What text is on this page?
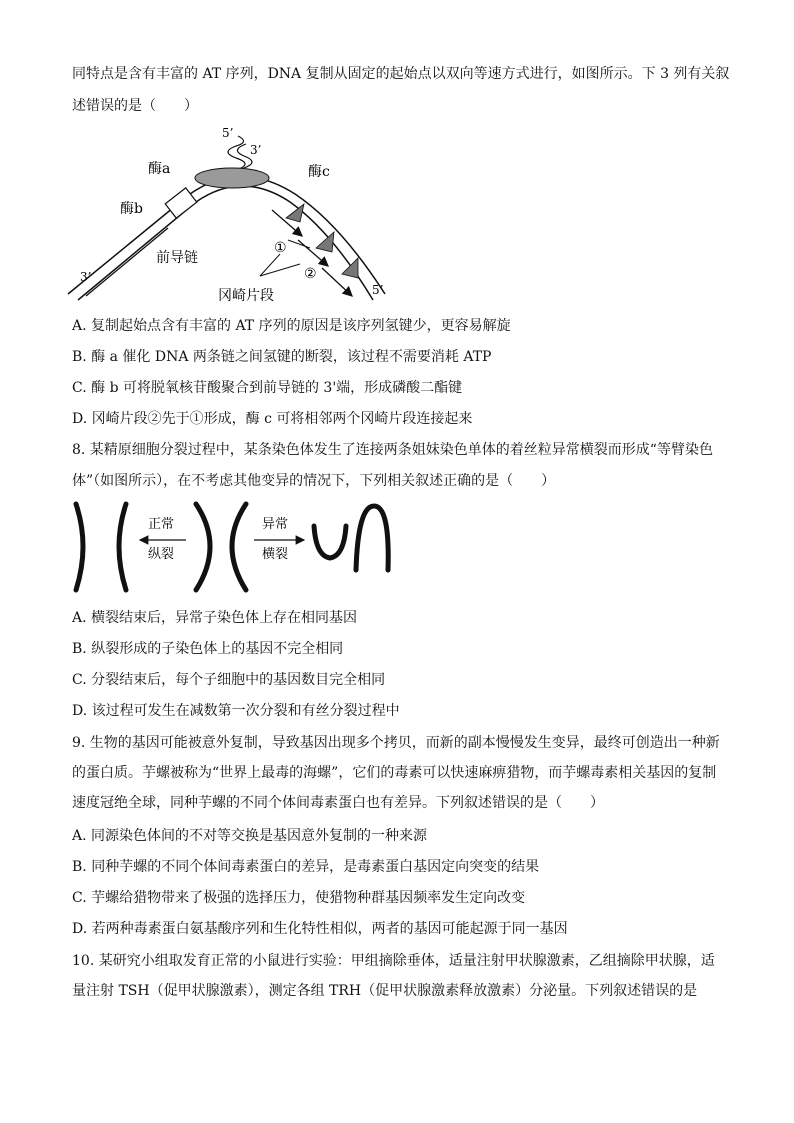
同特点是含有丰富的 AT 序列，DNA 复制从固定的起始点以双向等速方式进行，如图所示。下 3 列有关叙
述错误的是（　　）
5’
3’
酶a	酶c
酶b
前导链
3’
①
②
冈崎片段	5’
A. 复制起始点含有丰富的 AT 序列的原因是该序列氢键少，更容易解旋
B. 酶 a 催化 DNA 两条链之间氢键的断裂，该过程不需要消耗 ATP
C. 酶 b 可将脱氧核苷酸聚合到前导链的 3'端，形成磷酸二酯键
D. 冈崎片段②先于①形成，酶 c 可将相邻两个冈崎片段连接起来
8. 某精原细胞分裂过程中，某条染色体发生了连接两条姐妹染色单体的着丝粒异常横裂而形成“等臂染色
体”（如图所示），在不考虑其他变异的情况下，下列相关叙述正确的是（　　）
正常
纵裂
异常
横裂
A. 横裂结束后，异常子染色体上存在相同基因
B. 纵裂形成的子染色体上的基因不完全相同
C. 分裂结束后，每个子细胞中的基因数目完全相同
D. 该过程可发生在减数第一次分裂和有丝分裂过程中
9. 生物的基因可能被意外复制，导致基因出现多个拷贝，而新的副本慢慢发生变异，最终可创造出一种新的蛋白质。芋螺被称为“世界上最毒的海螺”，它们的毒素可以快速麻痹猎物，而芋螺毒素相关基因的复制速度冠绝全球，同种芋螺的不同个体间毒素蛋白也有差异。下列叙述错误的是（　　）
A. 同源染色体间的不对等交换是基因意外复制的一种来源
B. 同种芋螺的不同个体间毒素蛋白的差异，是毒素蛋白基因定向突变的结果
C. 芋螺给猎物带来了极强的选择压力，使猎物种群基因频率发生定向改变
D. 若两种毒素蛋白氨基酸序列和生化特性相似，两者的基因可能起源于同一基因
10. 某研究小组取发育正常的小鼠进行实验：甲组摘除垂体，适量注射甲状腺激素，乙组摘除甲状腺，适量注射 TSH（促甲状腺激素），测定各组 TRH（促甲状腺激素释放激素）分泌量。下列叙述错误的是
